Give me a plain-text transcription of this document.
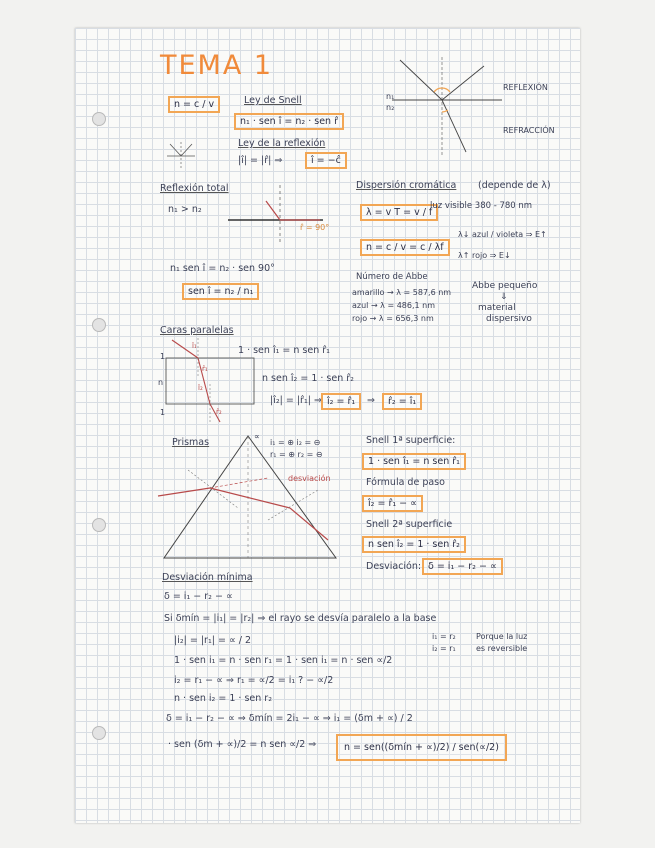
TEMA 1
n = c / v	Ley de Snell
n₁ · sen î = n₂ · sen r̂
Ley de la reflexión
|î| = |r̂| ⇒	î = −ĉ
n₁
n₂
REFLEXIÓN
REFRACCIÓN
Reflexión total
n₁ > n₂
r̂ = 90°
n₁ sen î = n₂ · sen 90°
sen î = n₂ / n₁
Dispersión cromática (depende de λ)
λ = v T = v / f
luz visible 380 - 780 nm
λ↓ azul / violeta ⇒ E↑
λ↑ rojo ⇒ E↓
n = c / v = c / λf
Número de Abbe
amarillo → λ = 587,6 nm
azul → λ = 486,1 nm
rojo → λ = 656,3 nm
Abbe pequeño
⇓
material
dispersivo
Caras paralelas
1
n
1
î₁
r̂₁
î₂
r̂₂
1 · sen î₁ = n sen r̂₁
n sen î₂ = 1 · sen r̂₂
|î₂| = |r̂₁| ⇒ î₂ = r̂₁	⇒	r̂₂ = î₁
Prismas
∝
desviación
i₁ = ⊕ i₂ = ⊖
r₁ = ⊕ r₂ = ⊖
Snell 1ª superficie:
1 · sen î₁ = n sen r̂₁
Fórmula de paso
î₂ = r̂₁ − ∝
Snell 2ª superficie
n sen î₂ = 1 · sen r̂₂
Desviación: δ = i₁ − r₂ − ∝
Desviación mínima
δ = i₁ − r₂ − ∝
Si δmín = |i₁| = |r₂| ⇒ el rayo se desvía paralelo a la base
|i₂| = |r₁| = ∝ / 2	i₁ = r₂
i₂ = r₁
Porque la luz
es reversible
1 · sen i₁ = n · sen r₁ = 1 · sen i₁ = n · sen ∝/2
i₂ = r₁ − ∝ ⇒ r₁ = ∝/2 = i₁ ? − ∝/2
n · sen i₂ = 1 · sen r₂
δ = i₁ − r₂ − ∝ ⇒ δmín = 2i₁ − ∝ ⇒ i₁ = (δm + ∝) / 2
· sen (δm + ∝)/2 = n sen ∝/2 ⇒	n = sen((δmín + ∝)/2) / sen(∝/2)
